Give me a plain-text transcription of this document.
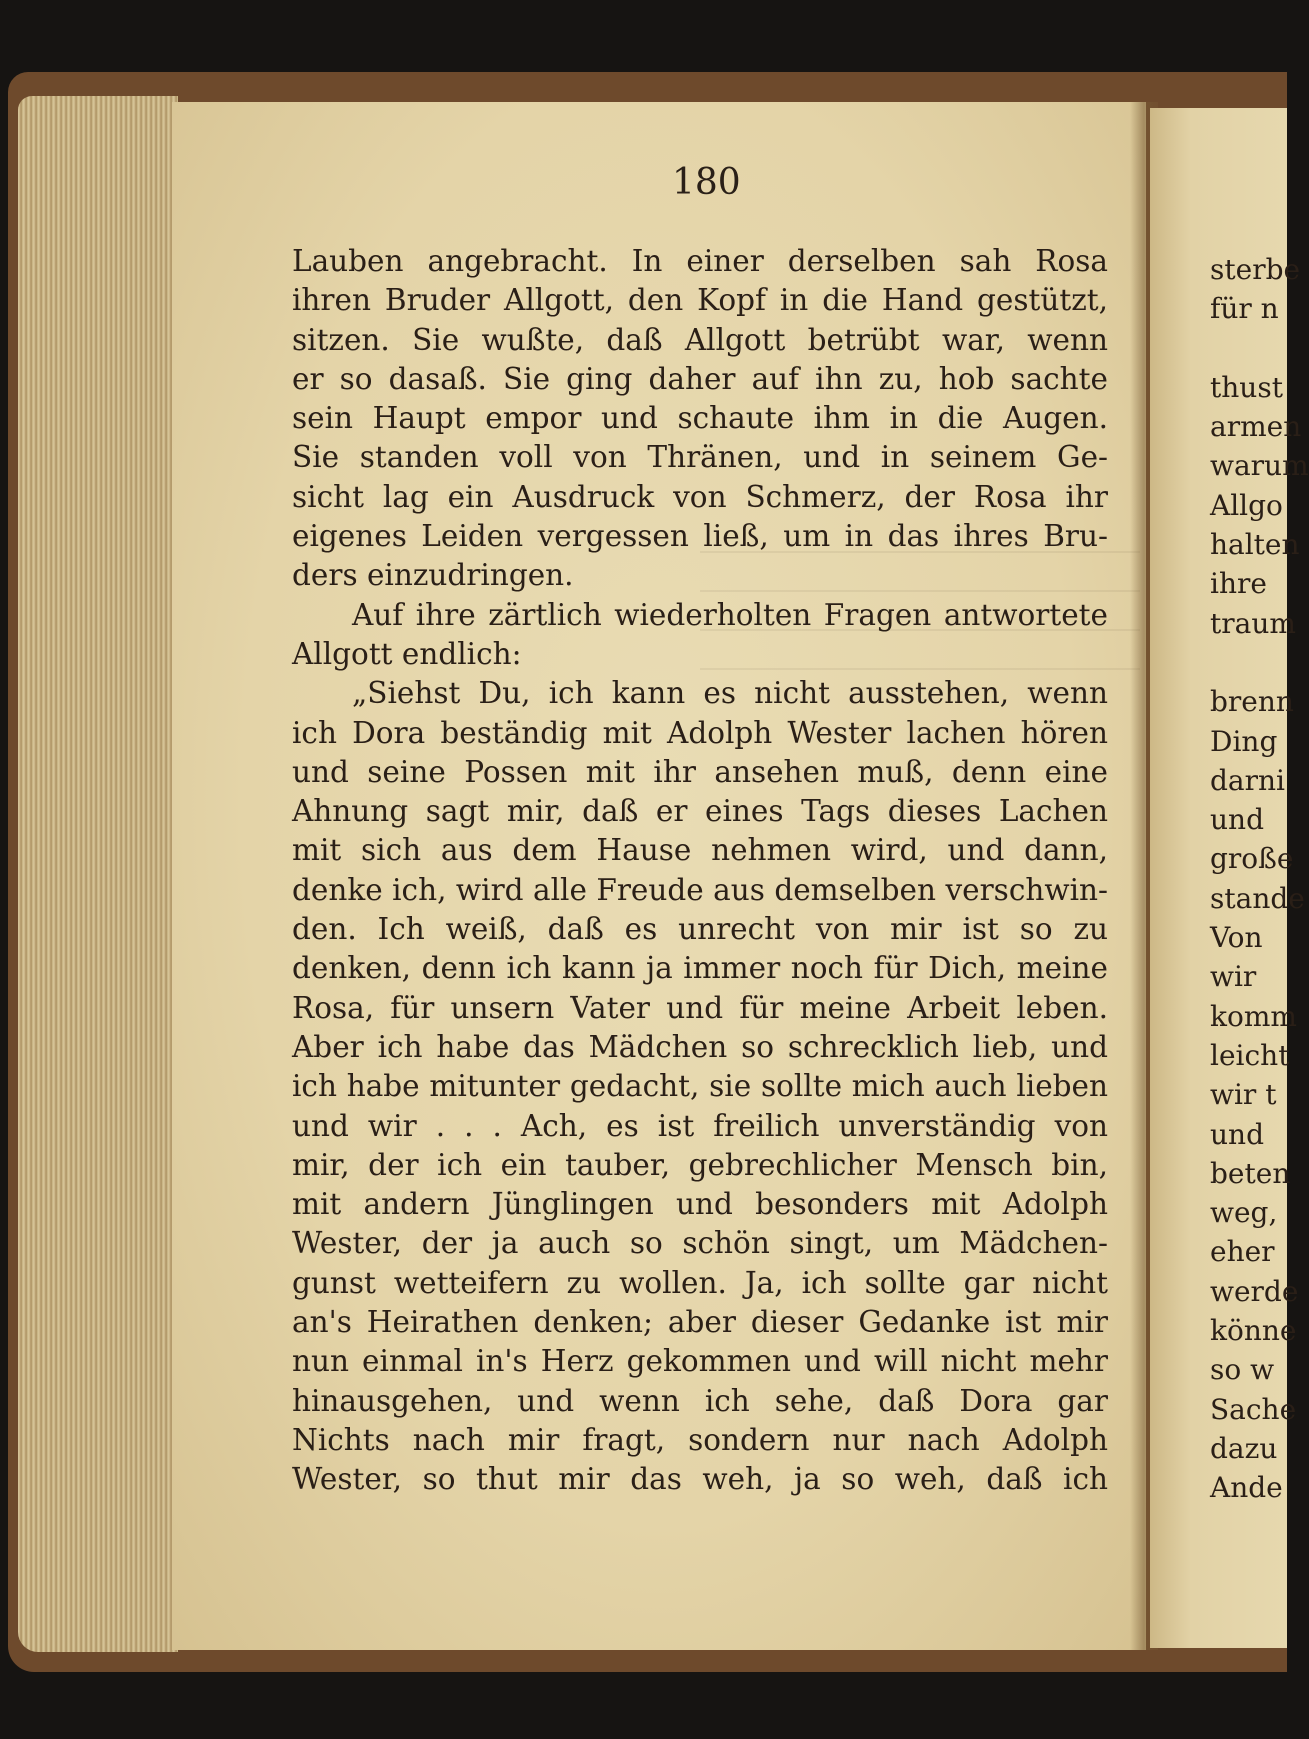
180
Lauben angebracht. In einer derselben sah Rosa
ihren Bruder Allgott, den Kopf in die Hand gestützt,
sitzen. Sie wußte, daß Allgott betrübt war, wenn
er so dasaß. Sie ging daher auf ihn zu, hob sachte
sein Haupt empor und schaute ihm in die Augen.
Sie standen voll von Thränen, und in seinem Ge-
sicht lag ein Ausdruck von Schmerz, der Rosa ihr
eigenes Leiden vergessen ließ, um in das ihres Bru-
ders einzudringen.
Auf ihre zärtlich wiederholten Fragen antwortete
Allgott endlich:
„Siehst Du, ich kann es nicht ausstehen, wenn
ich Dora beständig mit Adolph Wester lachen hören
und seine Possen mit ihr ansehen muß, denn eine
Ahnung sagt mir, daß er eines Tags dieses Lachen
mit sich aus dem Hause nehmen wird, und dann,
denke ich, wird alle Freude aus demselben verschwin-
den. Ich weiß, daß es unrecht von mir ist so zu
denken, denn ich kann ja immer noch für Dich, meine
Rosa, für unsern Vater und für meine Arbeit leben.
Aber ich habe das Mädchen so schrecklich lieb, und
ich habe mitunter gedacht, sie sollte mich auch lieben
und wir . . . Ach, es ist freilich unverständig von
mir, der ich ein tauber, gebrechlicher Mensch bin,
mit andern Jünglingen und besonders mit Adolph
Wester, der ja auch so schön singt, um Mädchen-
gunst wetteifern zu wollen. Ja, ich sollte gar nicht
an's Heirathen denken; aber dieser Gedanke ist mir
nun einmal in's Herz gekommen und will nicht mehr
hinausgehen, und wenn ich sehe, daß Dora gar
Nichts nach mir fragt, sondern nur nach Adolph
Wester, so thut mir das weh, ja so weh, daß ich
sterbe
für n
thust
armen
warum
Allgo
halten
ihre
traum
brenn
Ding
darni
und
große
stande
Von
wir
komm
leicht
wir t
und
beten
weg,
eher
werde
könne
so w
Sache
dazu
Ande
